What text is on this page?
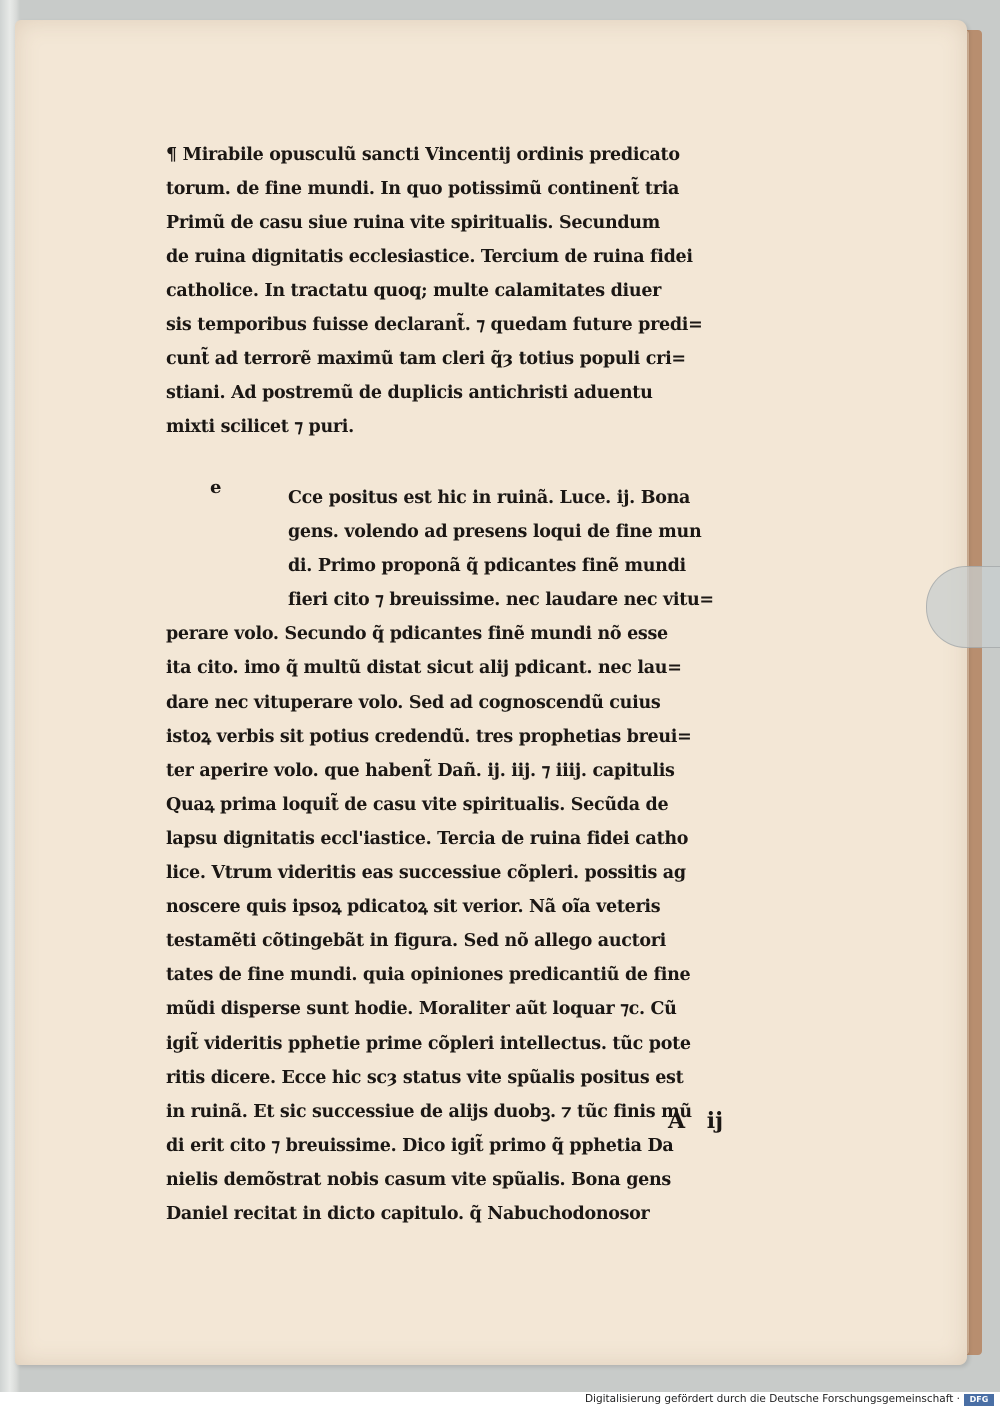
¶ Mirabile opusculũ sancti Vincentij ordinis predicato
torum. de fine mundi. In quo potissimũ continent̃ tria
Primũ de casu siue ruina vite spiritualis. Secundum
de ruina dignitatis ecclesiastice. Tercium de ruina fidei
catholice. In tractatu quoq; multe calamitates diuer
sis temporibus fuisse declarant̃. ⁊ quedam future predi=
cunt̃ ad terrorẽ maximũ tam cleri q̃ȝ totius populi cri=
stiani. Ad postremũ de duplicis antichristi aduentu
mixti scilicet ⁊ puri.
Cce positus est hic in ruinã. Luce. ij. Bona
gens. volendo ad presens loqui de fine mun
di. Primo proponã q̃ pdicantes finẽ mundi
fieri cito ⁊ breuissime. nec laudare nec vitu=
perare volo. Secundo q̃ pdicantes finẽ mundi nõ esse
ita cito. imo q̃ multũ distat sicut alij pdicant. nec lau=
dare nec vituperare volo. Sed ad cognoscendũ cuius
istoꝝ verbis sit potius credendũ. tres prophetias breui=
ter aperire volo. que habent̃ Dañ. ij. iij. ⁊ iiij. capitulis
Quaꝝ prima loquit̃ de casu vite spiritualis. Secũda de
lapsu dignitatis eccl'iastice. Tercia de ruina fidei catho
lice. Vtrum videritis eas successiue cõpleri. possitis ag
noscere quis ipsoꝝ pdicatoꝝ sit verior. Nã oĩa veteris
testamẽti cõtingebãt in figura. Sed nõ allego auctori
tates de fine mundi. quia opiniones predicantiũ de fine
mũdi disperse sunt hodie. Moraliter aũt loquar ⁊c. Cũ
igit̃ videritis pphetie prime cõpleri intellectus. tũc pote
ritis dicere. Ecce hic scȝ status vite spũalis positus est
in ruinã. Et sic successiue de alijs duobꝫ. ⁊ tũc finis mũ
di erit cito ⁊ breuissime. Dico igit̃ primo q̃ pphetia Da
nielis demõstrat nobis casum vite spũalis. Bona gens
Daniel recitat in dicto capitulo. q̃ Nabuchodonosor
e
A ij
Digitalisierung gefördert durch die Deutsche Forschungsgemeinschaft ·	DFG
